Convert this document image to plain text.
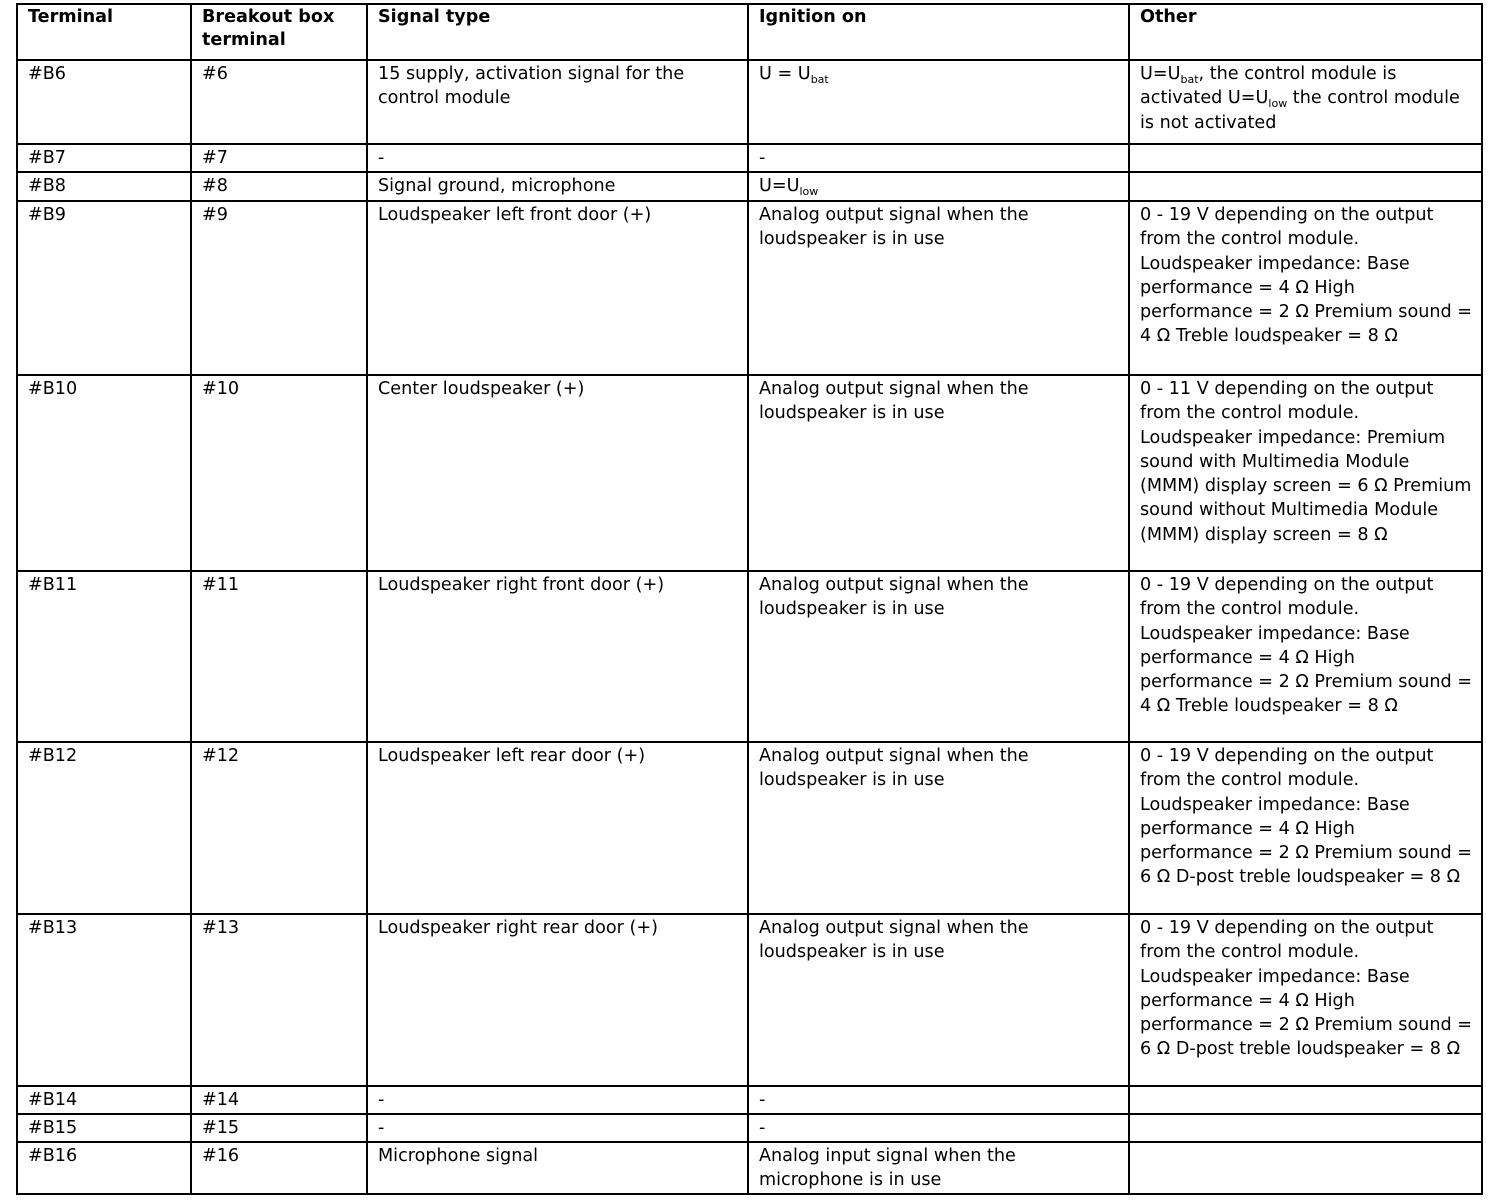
Terminal	Breakout box terminal	Signal type	Ignition on	Other
#B6	#6	15 supply, activation signal for the control module	$U = U_{bat}$	$U=U_{bat}$, the control module is activated $U=U_{low}$ the control module is not activated
#B7	#7	-	-	
#B8	#8	Signal ground, microphone	$U=U_{low}$	
#B9	#9	Loudspeaker left front door (+)	Analog output signal when the loudspeaker is in use	0 - 19 V depending on the output from the control module. Loudspeaker impedance: Base performance = 4 Ω High performance = 2 Ω Premium sound = 4 Ω Treble loudspeaker = 8 Ω
#B10	#10	Center loudspeaker (+)	Analog output signal when the loudspeaker is in use	0 - 11 V depending on the output from the control module. Loudspeaker impedance: Premium sound with Multimedia Module (MMM) display screen = 6 Ω Premium sound without Multimedia Module (MMM) display screen = 8 Ω
#B11	#11	Loudspeaker right front door (+)	Analog output signal when the loudspeaker is in use	0 - 19 V depending on the output from the control module. Loudspeaker impedance: Base performance = 4 Ω High performance = 2 Ω Premium sound = 4 Ω Treble loudspeaker = 8 Ω
#B12	#12	Loudspeaker left rear door (+)	Analog output signal when the loudspeaker is in use	0 - 19 V depending on the output from the control module. Loudspeaker impedance: Base performance = 4 Ω High performance = 2 Ω Premium sound = 6 Ω D-post treble loudspeaker = 8 Ω
#B13	#13	Loudspeaker right rear door (+)	Analog output signal when the loudspeaker is in use	0 - 19 V depending on the output from the control module. Loudspeaker impedance: Base performance = 4 Ω High performance = 2 Ω Premium sound = 6 Ω D-post treble loudspeaker = 8 Ω
#B14	#14	-	-	
#B15	#15	-	-	
#B16	#16	Microphone signal	Analog input signal when the microphone is in use	
